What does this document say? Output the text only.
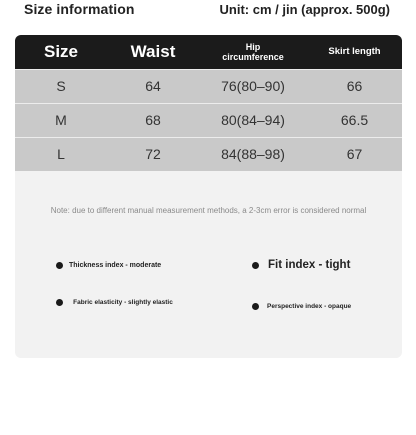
Size information	Unit: cm / jin (approx. 500g)
Size	Waist	Hip circumference	Skirt length
S	64	76(80–90)	66
M	68	80(84–94)	66.5
L	72	84(88–98)	67
Note: due to different manual measurement methods, a 2-3cm error is considered normal
Thickness index - moderate	Fit index - tight
Fabric elasticity - slightly elastic
Perspective index - opaque
